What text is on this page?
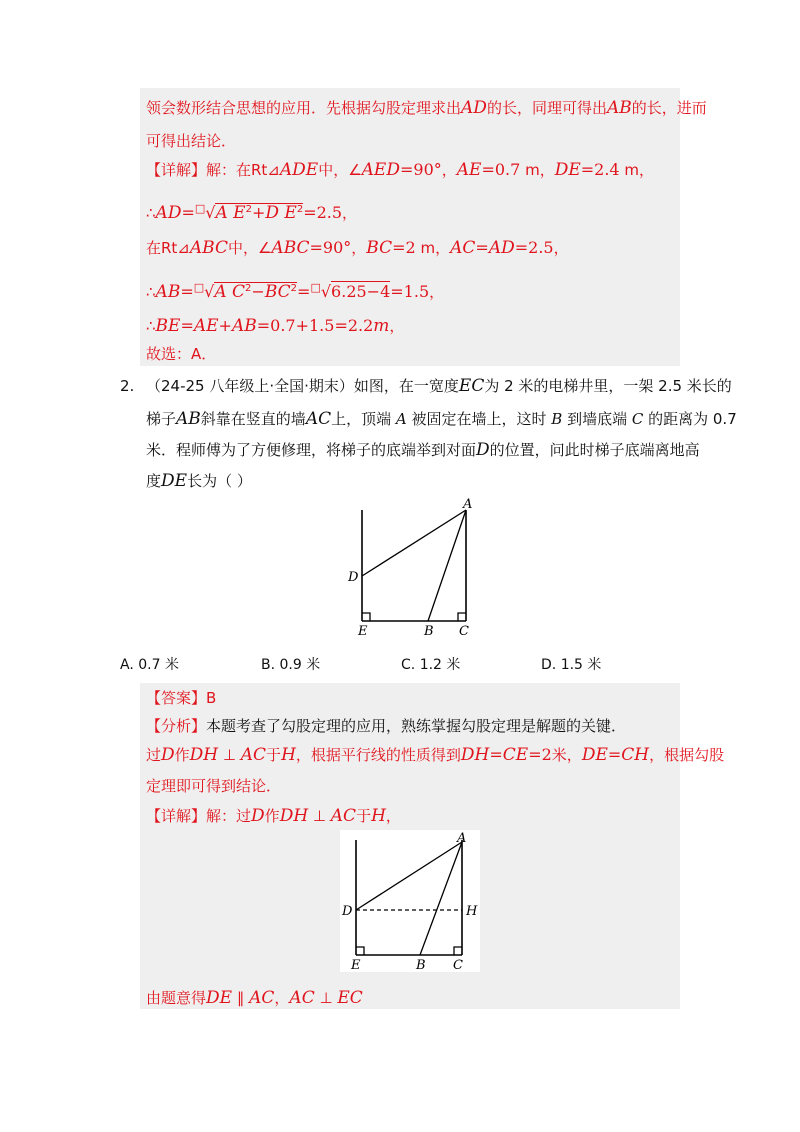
领会数形结合思想的应用．先根据勾股定理求出AD的长，同理可得出AB的长，进而
可得出结论．
【详解】解：在Rt⊿ADE中，∠AED=90°，AE=0.7 m，DE=2.4 m，
∴AD=□√A $E^2+D$ $E^2=2.5$，
在Rt⊿ABC中，∠ABC=90°，BC=2 m，AC=AD=2.5，
∴AB=□√A $C^2-BC^2=^□√6.25-4=1.5$，
∴BE=AE+AB=0.7+1.5=2.2m，
故选：A．
2. （24-25 八年级上·全国·期末）如图，在一宽度EC为 2 米的电梯井里，一架 2.5 米长的
梯子AB斜靠在竖直的墙AC上，顶端 A 被固定在墙上，这时 B 到墙底端 C 的距离为 0.7
米．程师傅为了方便修理，将梯子的底端举到对面D的位置，问此时梯子底端离地高
度DE长为（ ）
A
D
E	B C
A. 0.7 米	B. 0.9 米	C. 1.2 米	D. 1.5 米
【答案】B
【分析】本题考查了勾股定理的应用，熟练掌握勾股定理是解题的关键．
过D作DH ⊥ AC于H，根据平行线的性质得到DH=CE=2米，DE=CH，根据勾股
定理即可得到结论．
【详解】解：过D作DH ⊥ AC于H，
A
D	H
E	B C
由题意得DE ∥ AC，AC ⊥ EC
